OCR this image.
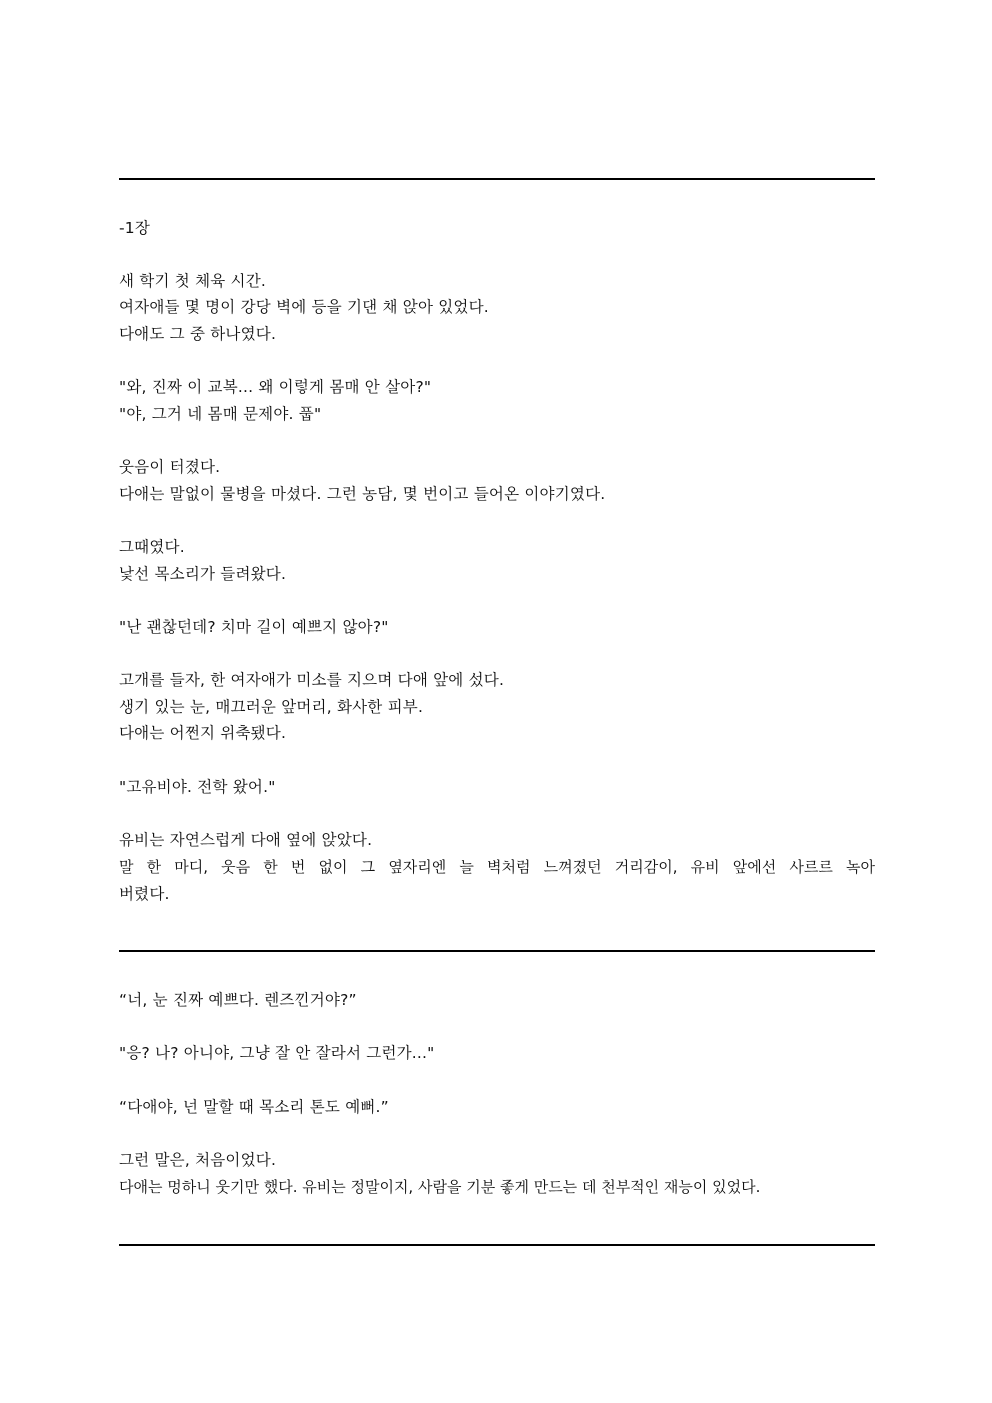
-1장
새 학기 첫 체육 시간.
여자애들 몇 명이 강당 벽에 등을 기댄 채 앉아 있었다.
다애도 그 중 하나였다.
"와, 진짜 이 교복... 왜 이렇게 몸매 안 살아?"
"야, 그거 네 몸매 문제야. 풉"
웃음이 터졌다.
다애는 말없이 물병을 마셨다. 그런 농담, 몇 번이고 들어온 이야기였다.
그때였다.
낯선 목소리가 들려왔다.
"난 괜찮던데? 치마 길이 예쁘지 않아?"
고개를 들자, 한 여자애가 미소를 지으며 다애 앞에 섰다.
생기 있는 눈, 매끄러운 앞머리, 화사한 피부.
다애는 어쩐지 위축됐다.
"고유비야. 전학 왔어."
유비는 자연스럽게 다애 옆에 앉았다.
말 한 마디, 웃음 한 번 없이 그 옆자리엔 늘 벽처럼 느껴졌던 거리감이, 유비 앞에선 사르르 녹아
버렸다.
“너, 눈 진짜 예쁘다. 렌즈낀거야?”
"응? 나? 아니야, 그냥 잘 안 잘라서 그런가..."
“다애야, 넌 말할 때 목소리 톤도 예뻐.”
그런 말은, 처음이었다.
다애는 멍하니 웃기만 했다. 유비는 정말이지, 사람을 기분 좋게 만드는 데 천부적인 재능이 있었다.
